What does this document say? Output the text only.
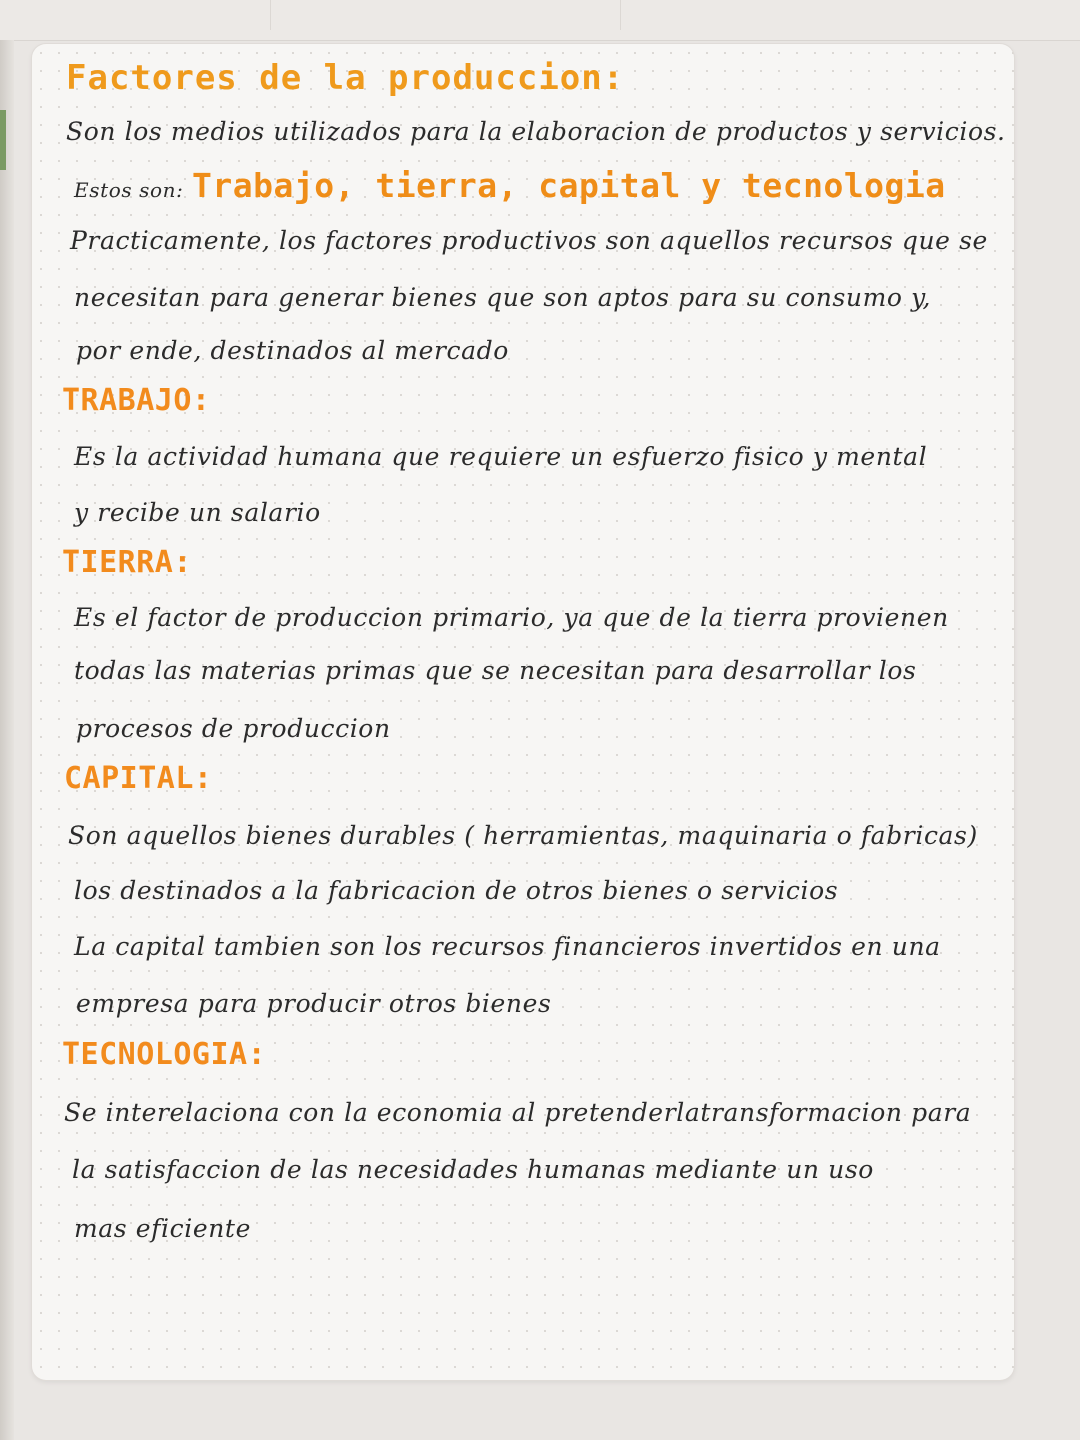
Factores de la produccion:
Son los medios utilizados para la elaboracion de productos y servicios.
Estos son: Trabajo, tierra, capital y tecnologia
Practicamente, los factores productivos son aquellos recursos que se
necesitan para generar bienes que son aptos para su consumo y,
por ende, destinados al mercado
TRABAJO:
Es la actividad humana que requiere un esfuerzo fisico y mental
y recibe un salario
TIERRA:
Es el factor de produccion primario, ya que de la tierra provienen
todas las materias primas que se necesitan para desarrollar los
procesos de produccion
CAPITAL:
Son aquellos bienes durables ( herramientas, maquinaria o fabricas)
los destinados a la fabricacion de otros bienes o servicios
La capital tambien son los recursos financieros invertidos en una
empresa para producir otros bienes
TECNOLOGIA:
Se interelaciona con la economia al pretenderlatransformacion para
la satisfaccion de las necesidades humanas mediante un uso
mas eficiente
